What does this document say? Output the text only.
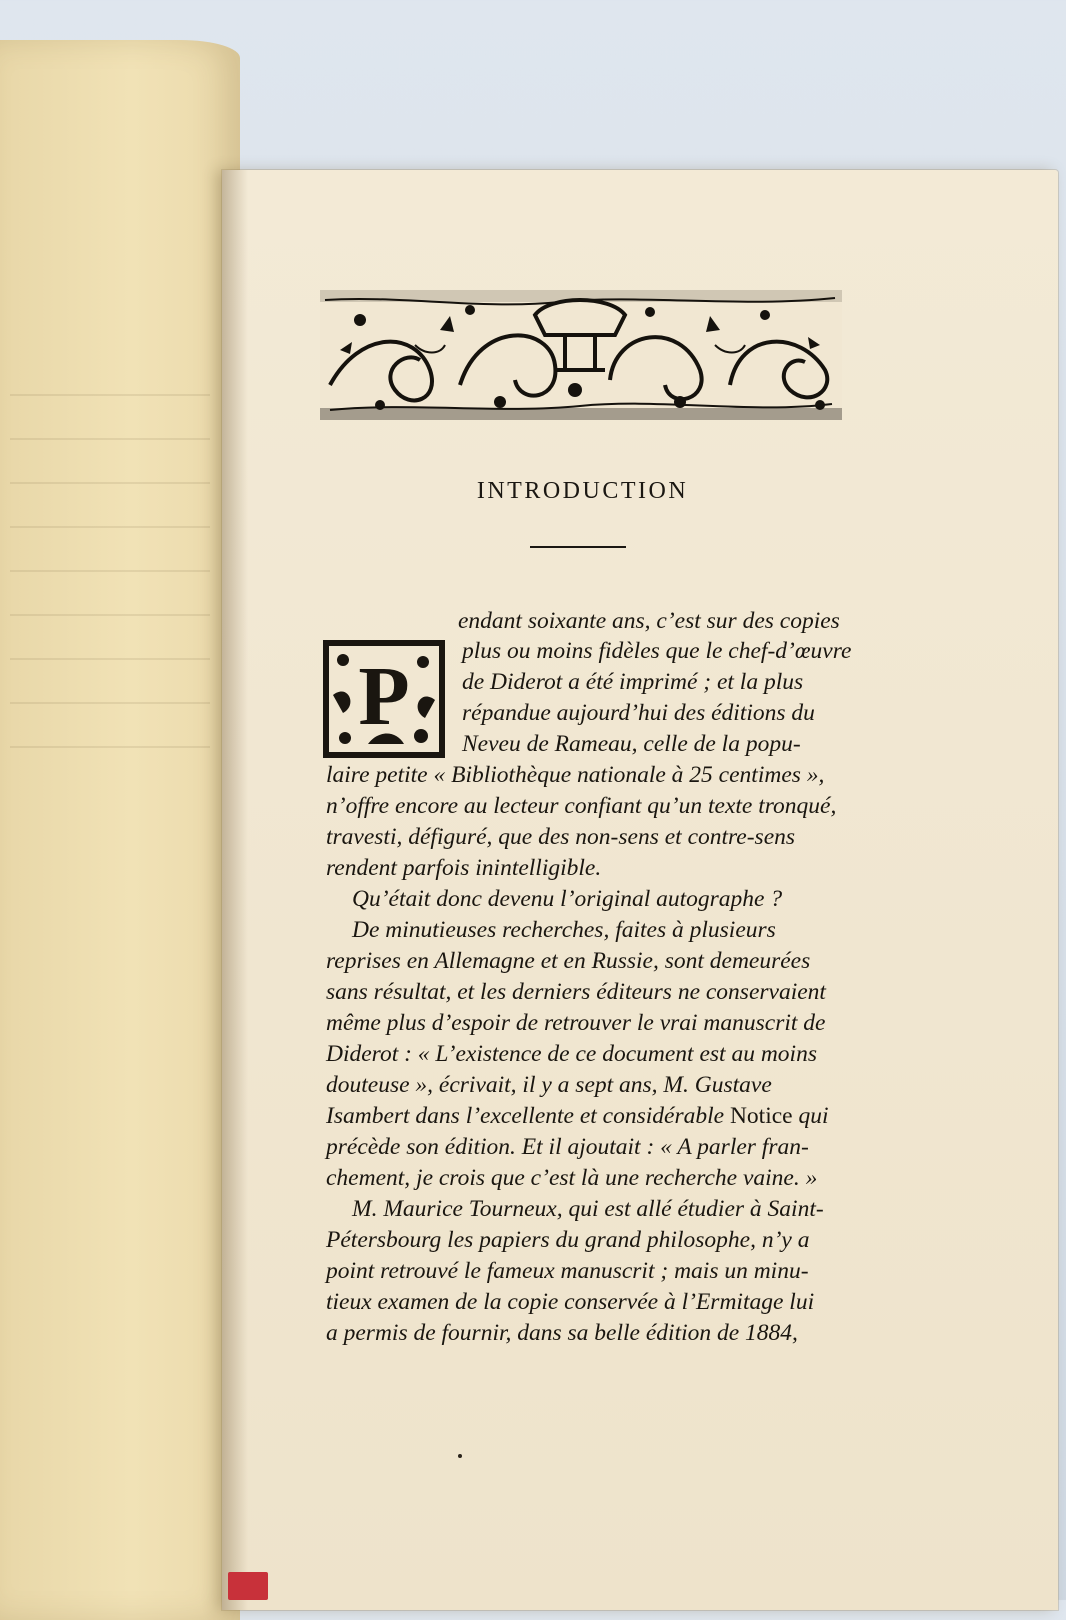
INTRODUCTION
P
endant soixante ans, c’est sur des copies
plus ou moins fidèles que le chef-d’œuvre
de Diderot a été imprimé ; et la plus
répandue aujourd’hui des éditions du
Neveu de Rameau, celle de la popu-
laire petite « Bibliothèque nationale à 25 centimes »,
n’offre encore au lecteur confiant qu’un texte tronqué,
travesti, défiguré, que des non-sens et contre-sens
rendent parfois inintelligible.
Qu’était donc devenu l’original autographe ?
De minutieuses recherches, faites à plusieurs
reprises en Allemagne et en Russie, sont demeurées
sans résultat, et les derniers éditeurs ne conservaient
même plus d’espoir de retrouver le vrai manuscrit de
Diderot : « L’existence de ce document est au moins
douteuse », écrivait, il y a sept ans, M. Gustave
Isambert dans l’excellente et considérable Notice qui
précède son édition. Et il ajoutait : « A parler fran-
chement, je crois que c’est là une recherche vaine. »
M. Maurice Tourneux, qui est allé étudier à Saint-
Pétersbourg les papiers du grand philosophe, n’y a
point retrouvé le fameux manuscrit ; mais un minu-
tieux examen de la copie conservée à l’Ermitage lui
a permis de fournir, dans sa belle édition de 1884,
